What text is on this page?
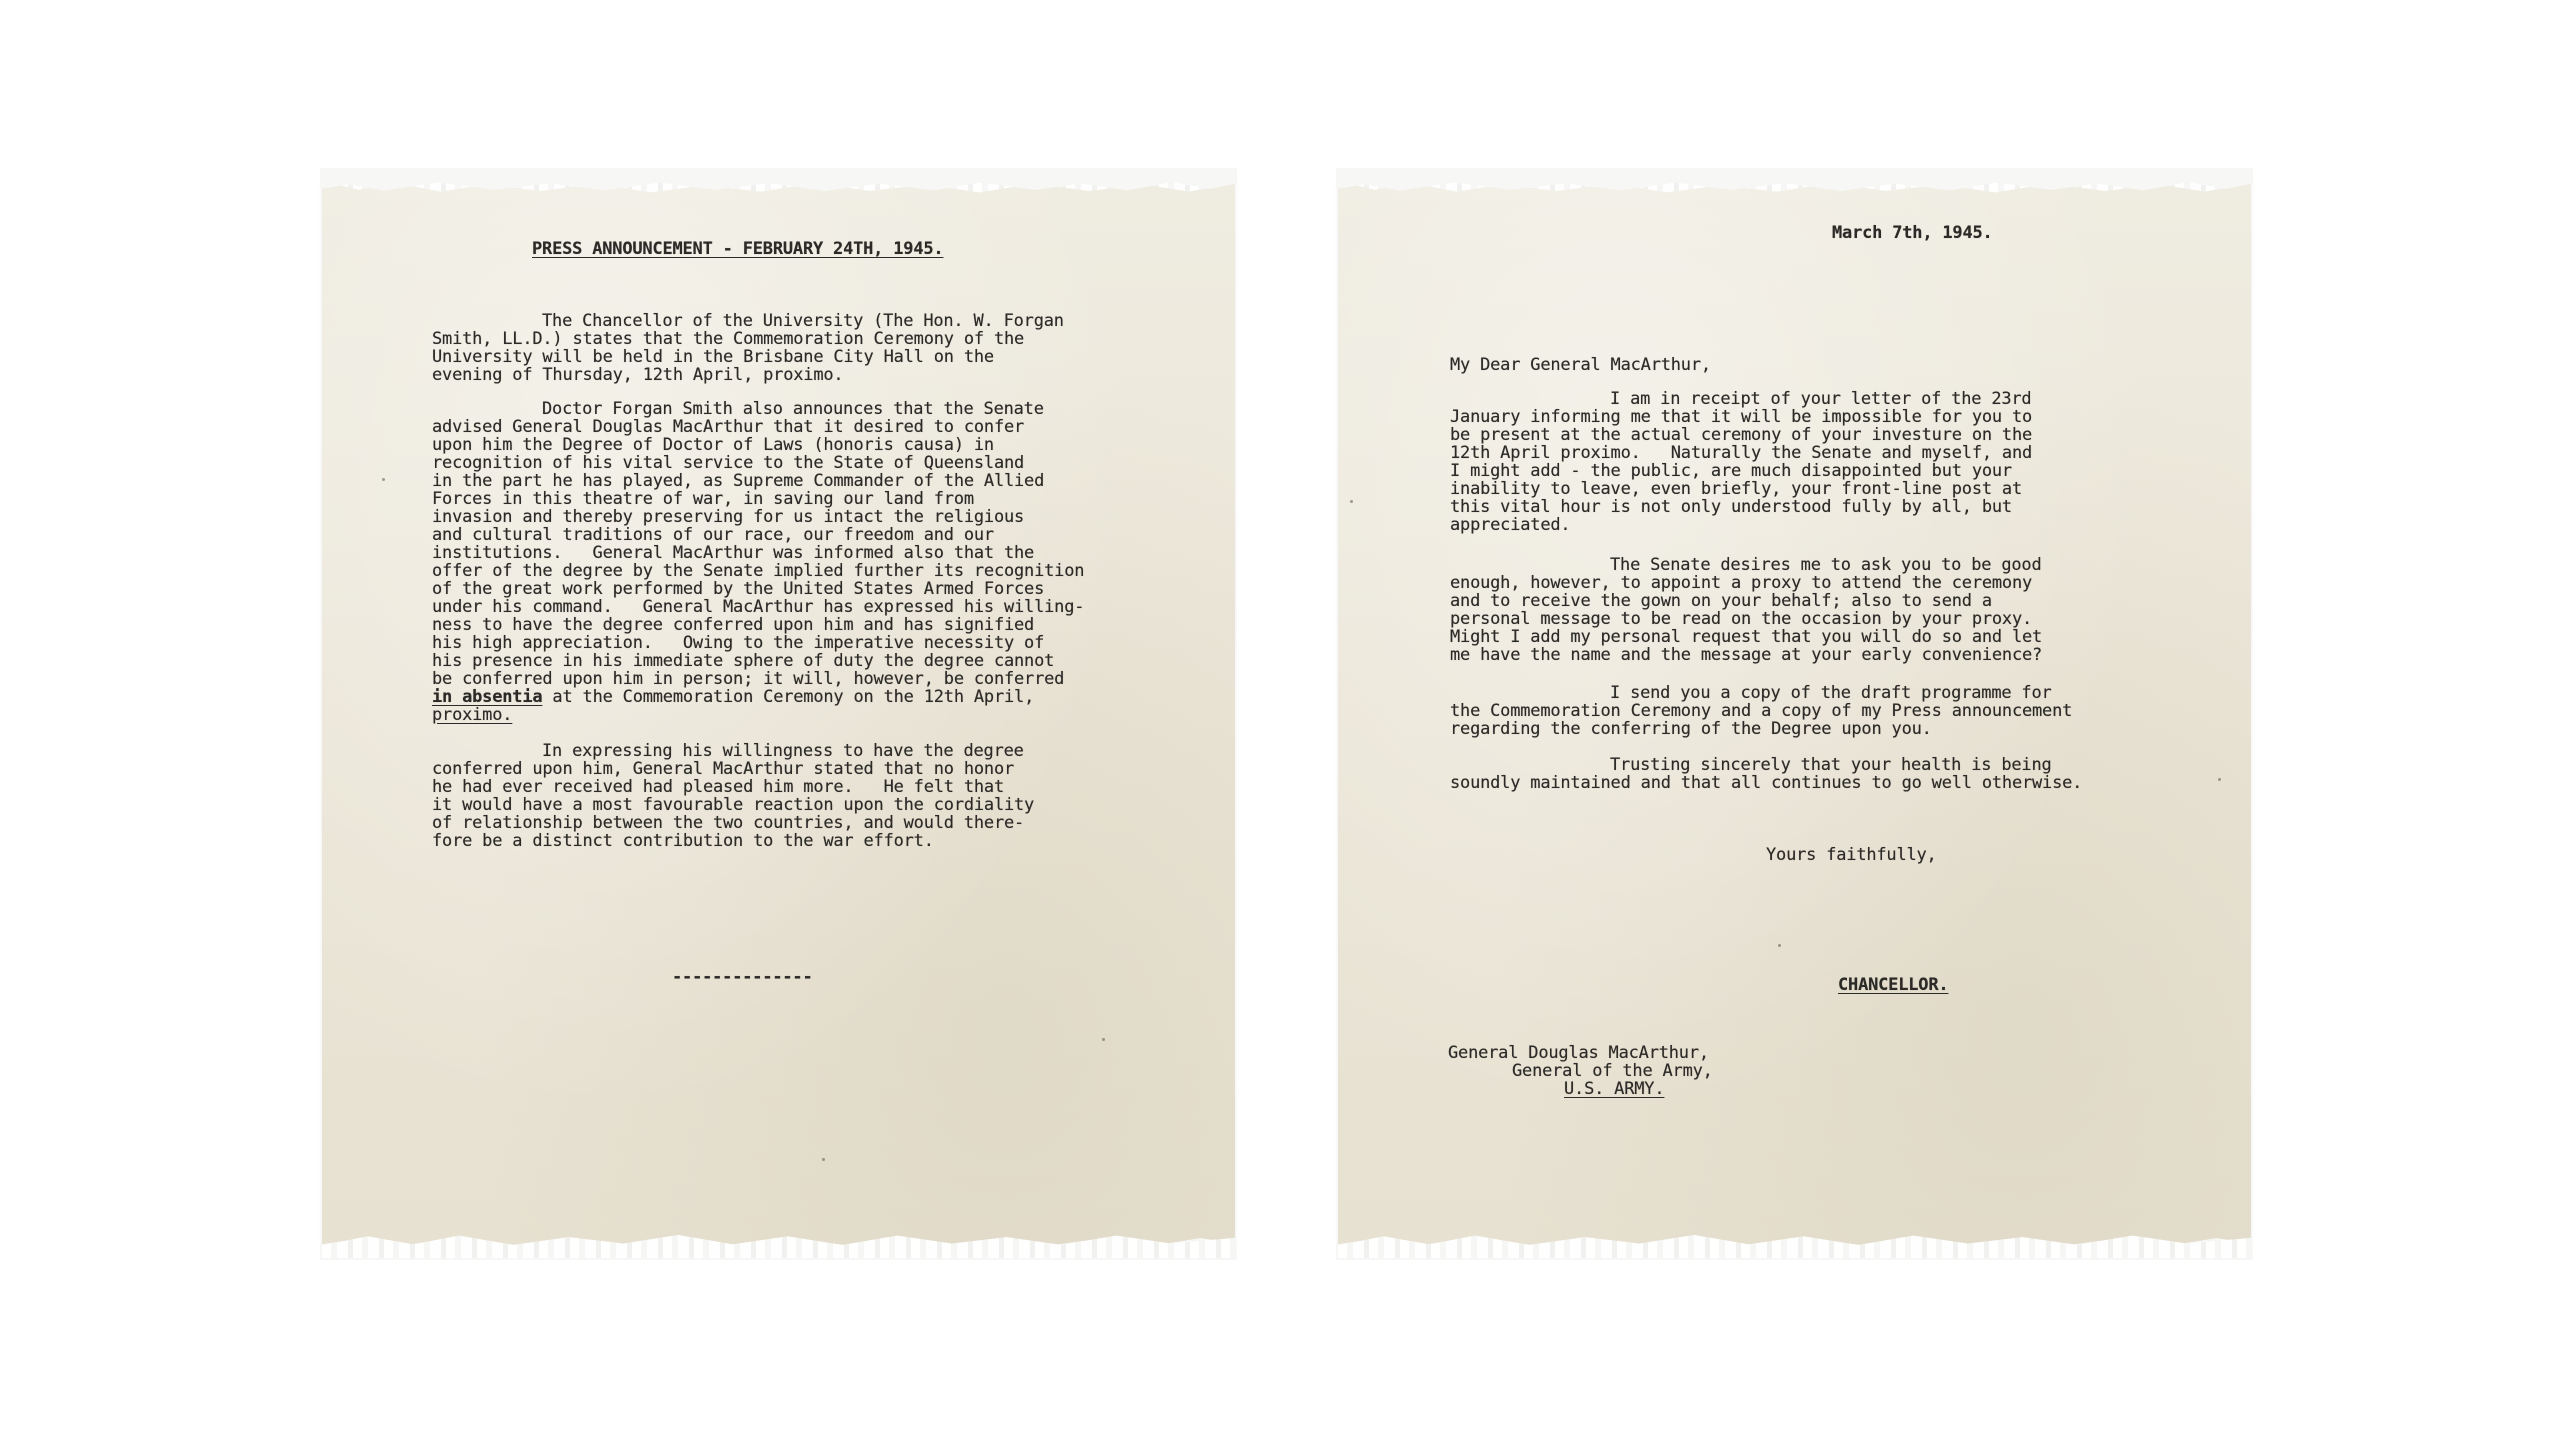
PRESS ANNOUNCEMENT - FEBRUARY 24TH, 1945.
The Chancellor of the University (The Hon. W. Forgan
Smith, LL.D.) states that the Commemoration Ceremony of the
University will be held in the Brisbane City Hall on the
evening of Thursday, 12th April, proximo.
Doctor Forgan Smith also announces that the Senate
advised General Douglas MacArthur that it desired to confer
upon him the Degree of Doctor of Laws (honoris causa) in
recognition of his vital service to the State of Queensland
in the part he has played, as Supreme Commander of the Allied
Forces in this theatre of war, in saving our land from
invasion and thereby preserving for us intact the religious
and cultural traditions of our race, our freedom and our
institutions.   General MacArthur was informed also that the
offer of the degree by the Senate implied further its recognition
of the great work performed by the United States Armed Forces
under his command.   General MacArthur has expressed his willing-
ness to have the degree conferred upon him and has signified
his high appreciation.   Owing to the imperative necessity of
his presence in his immediate sphere of duty the degree cannot
be conferred upon him in person; it will, however, be conferred
in absentia at the Commemoration Ceremony on the 12th April,
proximo.
In expressing his willingness to have the degree
conferred upon him, General MacArthur stated that no honor
he had ever received had pleased him more.   He felt that
it would have a most favourable reaction upon the cordiality
of relationship between the two countries, and would there-
fore be a distinct contribution to the war effort.
--------------
March 7th, 1945.
My Dear General MacArthur,
I am in receipt of your letter of the 23rd
January informing me that it will be impossible for you to
be present at the actual ceremony of your investure on the
12th April proximo.   Naturally the Senate and myself, and
I might add - the public, are much disappointed but your
inability to leave, even briefly, your front-line post at
this vital hour is not only understood fully by all, but
appreciated.
The Senate desires me to ask you to be good
enough, however, to appoint a proxy to attend the ceremony
and to receive the gown on your behalf; also to send a
personal message to be read on the occasion by your proxy.
Might I add my personal request that you will do so and let
me have the name and the message at your early convenience?
I send you a copy of the draft programme for
the Commemoration Ceremony and a copy of my Press announcement
regarding the conferring of the Degree upon you.
Trusting sincerely that your health is being
soundly maintained and that all continues to go well otherwise.
Yours faithfully,
CHANCELLOR.
General Douglas MacArthur,
General of the Army,
U.S. ARMY.
